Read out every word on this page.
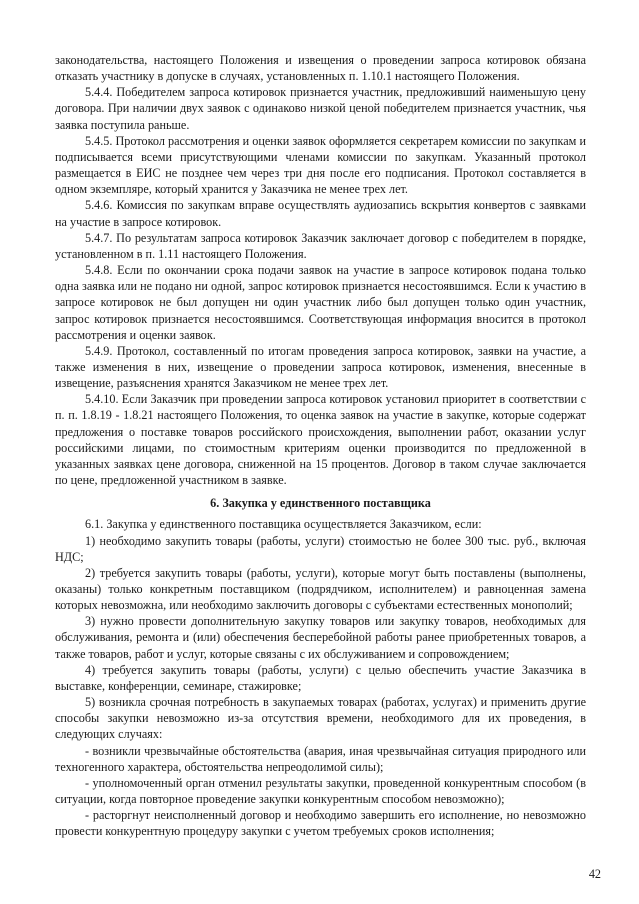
законодательства, настоящего Положения и извещения о проведении запроса котировок обязана отказать участнику в допуске в случаях, установленных п. 1.10.1 настоящего Положения.

5.4.4. Победителем запроса котировок признается участник, предложивший наименьшую цену договора. При наличии двух заявок с одинаково низкой ценой победителем признается участник, чья заявка поступила раньше.

5.4.5. Протокол рассмотрения и оценки заявок оформляется секретарем комиссии по закупкам и подписывается всеми присутствующими членами комиссии по закупкам. Указанный протокол размещается в ЕИС не позднее чем через три дня после его подписания. Протокол составляется в одном экземпляре, который хранится у Заказчика не менее трех лет.

5.4.6. Комиссия по закупкам вправе осуществлять аудиозапись вскрытия конвертов с заявками на участие в запросе котировок.

5.4.7. По результатам запроса котировок Заказчик заключает договор с победителем в порядке, установленном в п. 1.11 настоящего Положения.

5.4.8. Если по окончании срока подачи заявок на участие в запросе котировок подана только одна заявка или не подано ни одной, запрос котировок признается несостоявшимся. Если к участию в запросе котировок не был допущен ни один участник либо был допущен только один участник, запрос котировок признается несостоявшимся. Соответствующая информация вносится в протокол рассмотрения и оценки заявок.

5.4.9. Протокол, составленный по итогам проведения запроса котировок, заявки на участие, а также изменения в них, извещение о проведении запроса котировок, изменения, внесенные в извещение, разъяснения хранятся Заказчиком не менее трех лет.

5.4.10. Если Заказчик при проведении запроса котировок установил приоритет в соответствии с п. п. 1.8.19 - 1.8.21 настоящего Положения, то оценка заявок на участие в закупке, которые содержат предложения о поставке товаров российского происхождения, выполнении работ, оказании услуг российскими лицами, по стоимостным критериям оценки производится по предложенной в указанных заявках цене договора, сниженной на 15 процентов. Договор в таком случае заключается по цене, предложенной участником в заявке.

6. Закупка у единственного поставщика

6.1. Закупка у единственного поставщика осуществляется Заказчиком, если:

1) необходимо закупить товары (работы, услуги) стоимостью не более 300 тыс. руб., включая НДС;

2) требуется закупить товары (работы, услуги), которые могут быть поставлены (выполнены, оказаны) только конкретным поставщиком (подрядчиком, исполнителем) и равноценная замена которых невозможна, или необходимо заключить договоры с субъектами естественных монополий;

3) нужно провести дополнительную закупку товаров или закупку товаров, необходимых для обслуживания, ремонта и (или) обеспечения бесперебойной работы ранее приобретенных товаров, а также товаров, работ и услуг, которые связаны с их обслуживанием и сопровождением;

4) требуется закупить товары (работы, услуги) с целью обеспечить участие Заказчика в выставке, конференции, семинаре, стажировке;

5) возникла срочная потребность в закупаемых товарах (работах, услугах) и применить другие способы закупки невозможно из-за отсутствия времени, необходимого для их проведения, в следующих случаях:

- возникли чрезвычайные обстоятельства (авария, иная чрезвычайная ситуация природного или техногенного характера, обстоятельства непреодолимой силы);

- уполномоченный орган отменил результаты закупки, проведенной конкурентным способом (в ситуации, когда повторное проведение закупки конкурентным способом невозможно);

- расторгнут неисполненный договор и необходимо завершить его исполнение, но невозможно провести конкурентную процедуру закупки с учетом требуемых сроков исполнения;

42
